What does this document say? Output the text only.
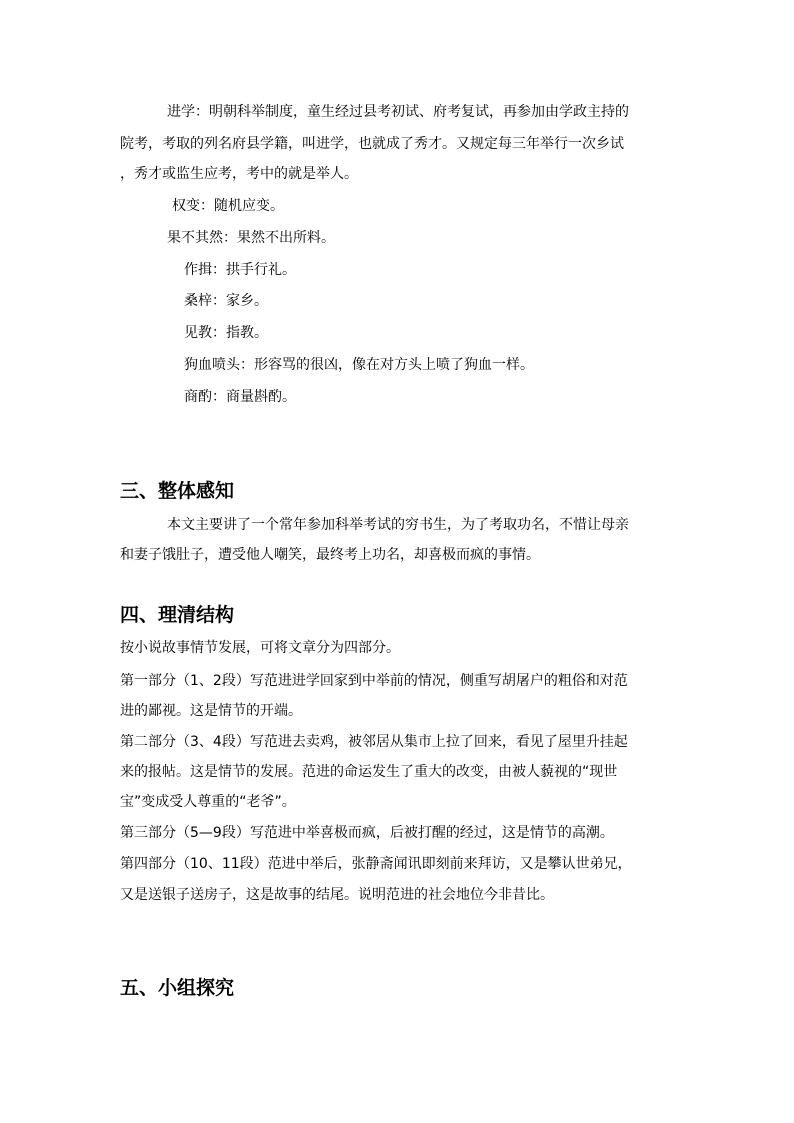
进学：明朝科举制度，童生经过县考初试、府考复试，再参加由学政主持的
院考，考取的列名府县学籍，叫进学，也就成了秀才。又规定每三年举行一次乡试
，秀才或监生应考，考中的就是举人。
权变：随机应变。
果不其然：果然不出所料。
作揖：拱手行礼。
桑梓：家乡。
见教：指教。
狗血喷头：形容骂的很凶，像在对方头上喷了狗血一样。
商酌：商量斟酌。
三、整体感知
本文主要讲了一个常年参加科举考试的穷书生，为了考取功名，不惜让母亲
和妻子饿肚子，遭受他人嘲笑，最终考上功名，却喜极而疯的事情。
四、理清结构
按小说故事情节发展，可将文章分为四部分。
第一部分（1、2段）写范进进学回家到中举前的情况，侧重写胡屠户的粗俗和对范
进的鄙视。这是情节的开端。
第二部分（3、4段）写范进去卖鸡，被邻居从集市上拉了回来，看见了屋里升挂起
来的报帖。这是情节的发展。范进的命运发生了重大的改变，由被人藐视的“现世
宝”变成受人尊重的“老爷”。
第三部分（5—9段）写范进中举喜极而疯，后被打醒的经过，这是情节的高潮。
第四部分（10、11段）范进中举后，张静斋闻讯即刻前来拜访，又是攀认世弟兄，
又是送银子送房子，这是故事的结尾。说明范进的社会地位今非昔比。
五、小组探究
